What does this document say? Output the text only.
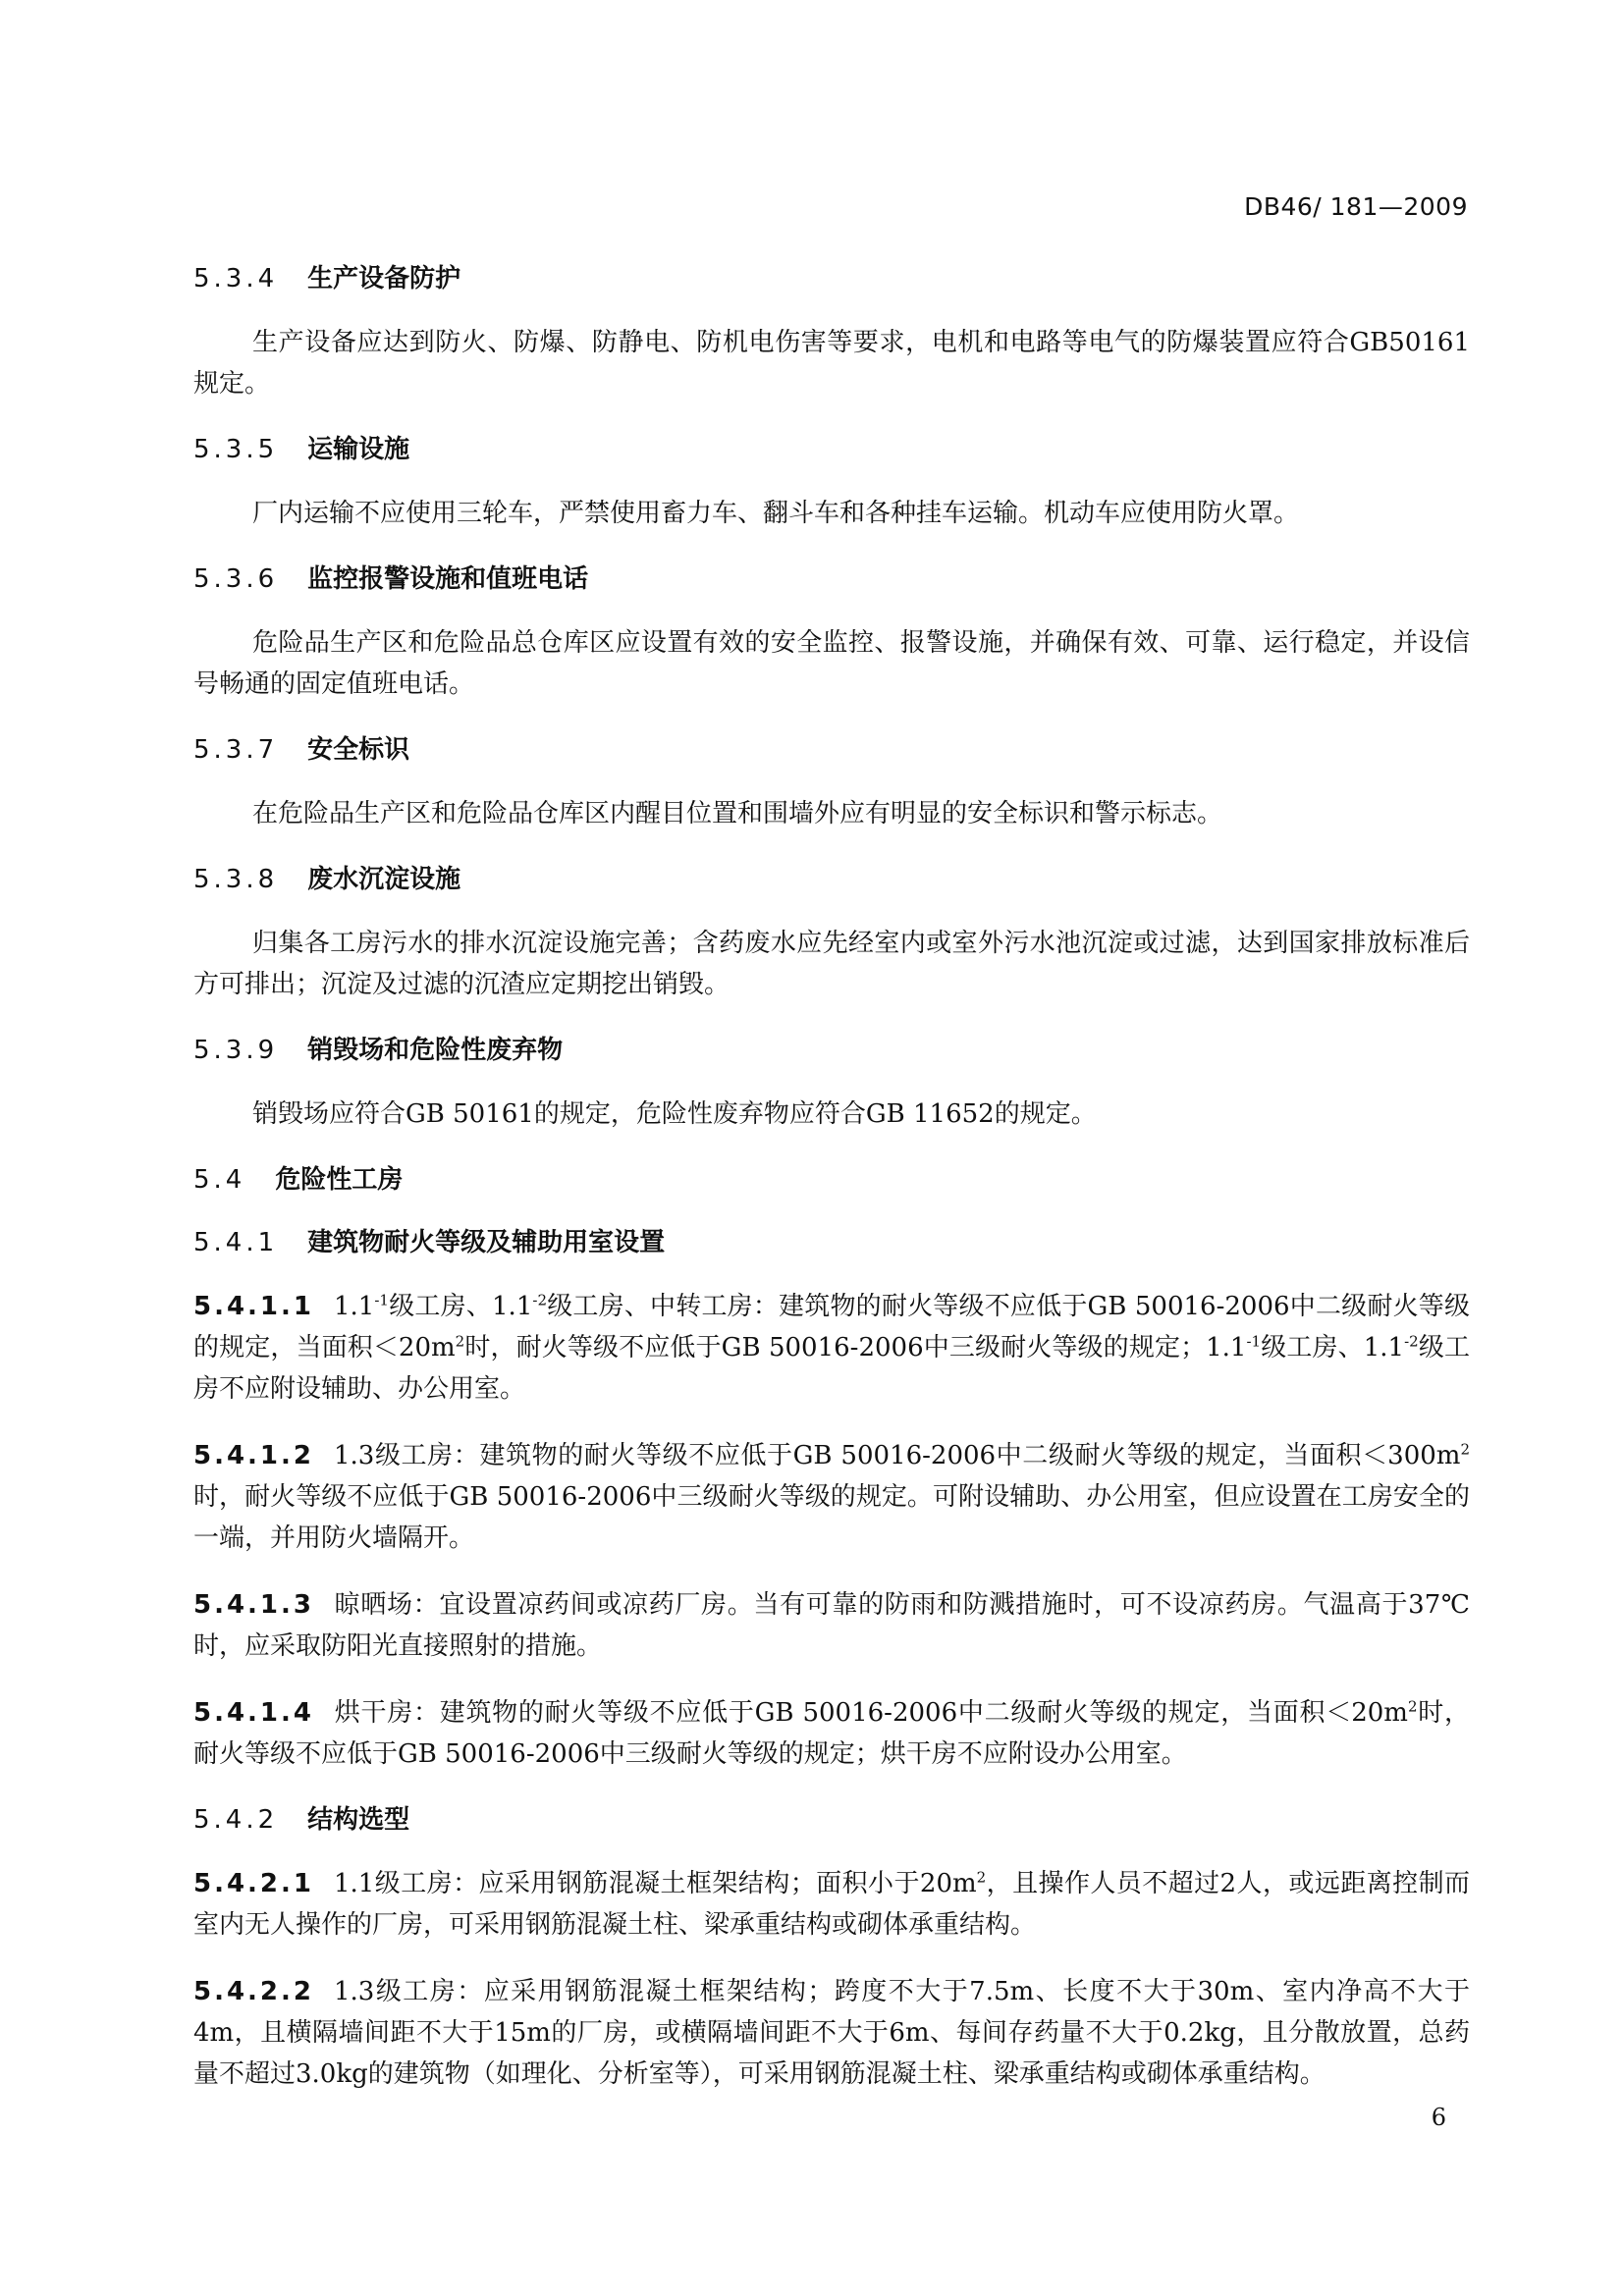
DB46/ 181—2009
5.3.4 生产设备防护

生产设备应达到防火、防爆、防静电、防机电伤害等要求，电机和电路等电气的防爆装置应符合GB50161规定。

5.3.5 运输设施

厂内运输不应使用三轮车，严禁使用畜力车、翻斗车和各种挂车运输。机动车应使用防火罩。

5.3.6 监控报警设施和值班电话

危险品生产区和危险品总仓库区应设置有效的安全监控、报警设施，并确保有效、可靠、运行稳定，并设信号畅通的固定值班电话。

5.3.7 安全标识

在危险品生产区和危险品仓库区内醒目位置和围墙外应有明显的安全标识和警示标志。

5.3.8 废水沉淀设施

归集各工房污水的排水沉淀设施完善；含药废水应先经室内或室外污水池沉淀或过滤，达到国家排放标准后方可排出；沉淀及过滤的沉渣应定期挖出销毁。

5.3.9 销毁场和危险性废弃物

销毁场应符合GB 50161的规定，危险性废弃物应符合GB 11652的规定。

5.4 危险性工房
5.4.1 建筑物耐火等级及辅助用室设置

5.4.1.1 $1.1^{-1}$级工房、$1.1^{-2}$级工房、中转工房：建筑物的耐火等级不应低于GB 50016-2006中二级耐火等级的规定，当面积$<20m^2$时，耐火等级不应低于GB 50016-2006中三级耐火等级的规定；$1.1^{-1}$级工房、$1.1^{-2}$级工房不应附设辅助、办公用室。

5.4.1.2 1.3级工房：建筑物的耐火等级不应低于GB 50016-2006中二级耐火等级的规定，当面积$<300m^2$时，耐火等级不应低于GB 50016-2006中三级耐火等级的规定。可附设辅助、办公用室，但应设置在工房安全的一端，并用防火墙隔开。

5.4.1.3 晾晒场：宜设置凉药间或凉药厂房。当有可靠的防雨和防溅措施时，可不设凉药房。气温高于37℃时，应采取防阳光直接照射的措施。

5.4.1.4 烘干房：建筑物的耐火等级不应低于GB 50016-2006中二级耐火等级的规定，当面积$<20m^2$时，耐火等级不应低于GB 50016-2006中三级耐火等级的规定；烘干房不应附设办公用室。

5.4.2 结构选型

5.4.2.1 1.1级工房：应采用钢筋混凝土框架结构；面积小于$20m^2$，且操作人员不超过2人，或远距离控制而室内无人操作的厂房，可采用钢筋混凝土柱、梁承重结构或砌体承重结构。

5.4.2.2 1.3级工房：应采用钢筋混凝土框架结构；跨度不大于7.5m、长度不大于30m、室内净高不大于4m，且横隔墙间距不大于15m的厂房，或横隔墙间距不大于6m、每间存药量不大于0.2kg，且分散放置，总药量不超过3.0kg的建筑物（如理化、分析室等），可采用钢筋混凝土柱、梁承重结构或砌体承重结构。

6
